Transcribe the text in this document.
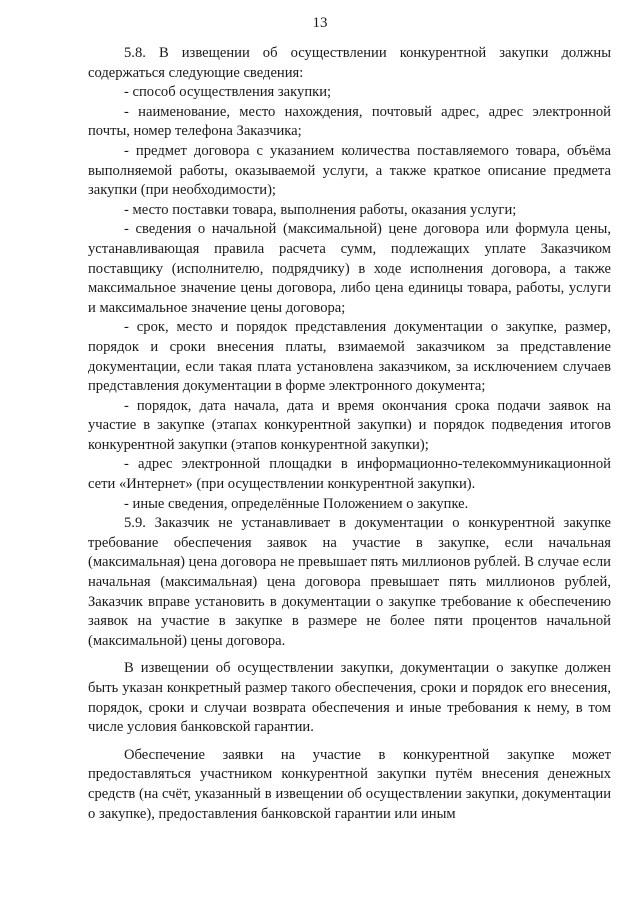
13

5.8. В извещении об осуществлении конкурентной закупки должны содержаться следующие сведения:

- способ осуществления закупки;

- наименование, место нахождения, почтовый адрес, адрес электронной почты, номер телефона Заказчика;

- предмет договора с указанием количества поставляемого товара, объёма выполняемой работы, оказываемой услуги, а также краткое описание предмета закупки (при необходимости);

- место поставки товара, выполнения работы, оказания услуги;

- сведения о начальной (максимальной) цене договора или формула цены, устанавливающая правила расчета сумм, подлежащих уплате Заказчиком поставщику (исполнителю, подрядчику) в ходе исполнения договора, а также максимальное значение цены договора, либо цена единицы товара, работы, услуги и максимальное значение цены договора;

- срок, место и порядок представления документации о закупке, размер, порядок и сроки внесения платы, взимаемой заказчиком за представление документации, если такая плата установлена заказчиком, за исключением случаев представления документации в форме электронного документа;

- порядок, дата начала, дата и время окончания срока подачи заявок на участие в закупке (этапах конкурентной закупки) и порядок подведения итогов конкурентной закупки (этапов конкурентной закупки);

- адрес электронной площадки в информационно-телекоммуникационной сети «Интернет» (при осуществлении конкурентной закупки).

- иные сведения, определённые Положением о закупке.

5.9. Заказчик не устанавливает в документации о конкурентной закупке требование обеспечения заявок на участие в закупке, если начальная (максимальная) цена договора не превышает пять миллионов рублей. В случае если начальная (максимальная) цена договора превышает пять миллионов рублей, Заказчик вправе установить в документации о закупке требование к обеспечению заявок на участие в закупке в размере не более пяти процентов начальной (максимальной) цены договора.

В извещении об осуществлении закупки, документации о закупке должен быть указан конкретный размер такого обеспечения, сроки и порядок его внесения, порядок, сроки и случаи возврата обеспечения и иные требования к нему, в том числе условия банковской гарантии.

Обеспечение заявки на участие в конкурентной закупке может предоставляться участником конкурентной закупки путём внесения денежных средств (на счёт, указанный в извещении об осуществлении закупки, документации о закупке), предоставления банковской гарантии или иным
